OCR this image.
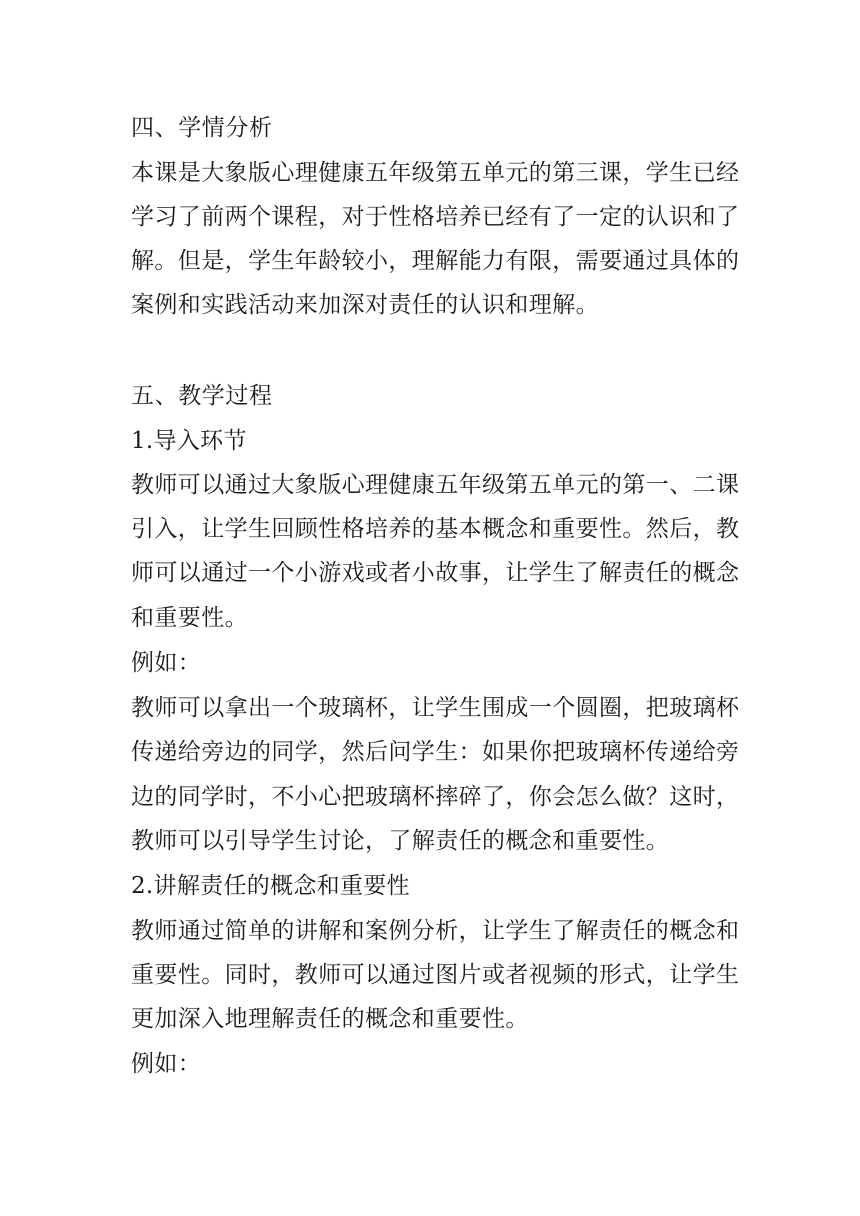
四、学情分析
本课是大象版心理健康五年级第五单元的第三课，学生已经
学习了前两个课程，对于性格培养已经有了一定的认识和了
解。但是，学生年龄较小，理解能力有限，需要通过具体的
案例和实践活动来加深对责任的认识和理解。
五、教学过程
1.导入环节
教师可以通过大象版心理健康五年级第五单元的第一、二课
引入，让学生回顾性格培养的基本概念和重要性。然后，教
师可以通过一个小游戏或者小故事，让学生了解责任的概念
和重要性。
例如：
教师可以拿出一个玻璃杯，让学生围成一个圆圈，把玻璃杯
传递给旁边的同学，然后问学生：如果你把玻璃杯传递给旁
边的同学时，不小心把玻璃杯摔碎了，你会怎么做？这时，
教师可以引导学生讨论，了解责任的概念和重要性。
2.讲解责任的概念和重要性
教师通过简单的讲解和案例分析，让学生了解责任的概念和
重要性。同时，教师可以通过图片或者视频的形式，让学生
更加深入地理解责任的概念和重要性。
例如：
